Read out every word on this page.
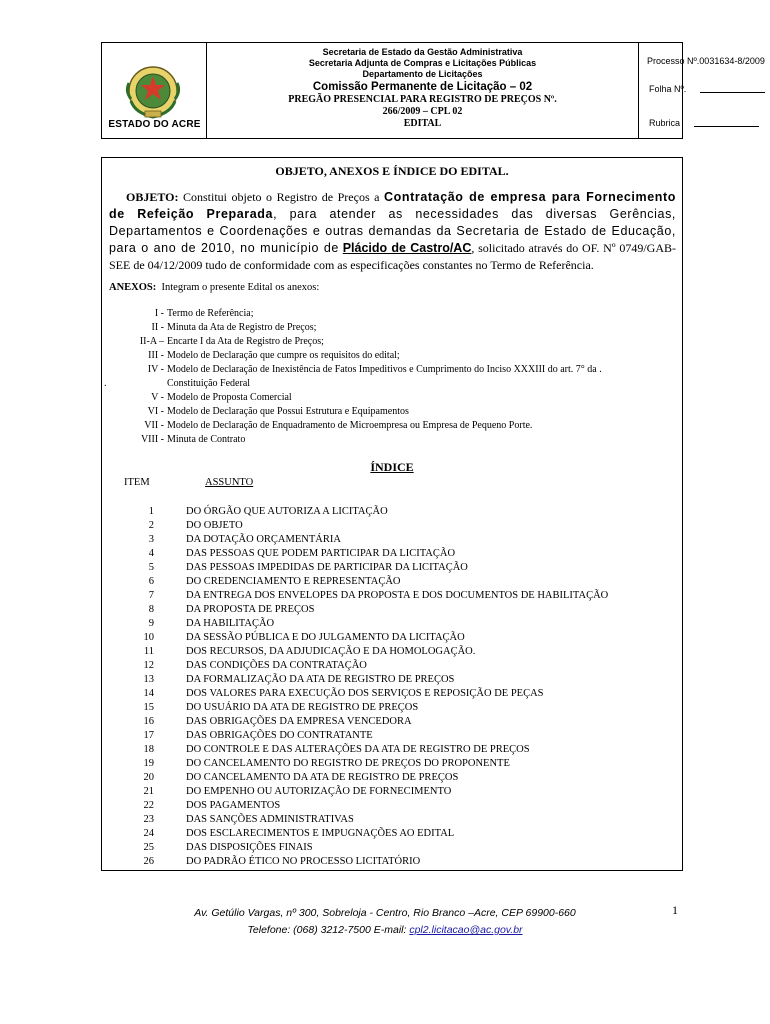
ESTADO DO ACRE
Secretaria de Estado da Gestão Administrativa
Secretaria Adjunta de Compras e Licitações Públicas
Departamento de Licitações
Comissão Permanente de Licitação – 02
PREGÃO PRESENCIAL PARA REGISTRO DE PREÇOS Nº.
266/2009 – CPL 02
EDITAL
Processo Nº.0031634-8/2009
Folha Nº.
Rubrica
OBJETO, ANEXOS E ÍNDICE DO EDITAL.
OBJETO: Constitui objeto o Registro de Preços a Contratação de empresa para Fornecimento de Refeição Preparada, para atender as necessidades das diversas Gerências, Departamentos e Coordenações e outras demandas da Secretaria de Estado de Educação, para o ano de 2010, no município de Plácido de Castro/AC, solicitado através do OF. Nº 0749/GAB-SEE de 04/12/2009 tudo de conformidade com as especificações constantes no Termo de Referência.
ANEXOS: Integram o presente Edital os anexos:
I - Termo de Referência;
II - Minuta da Ata de Registro de Preços;
II-A – Encarte I da Ata de Registro de Preços;
III - Modelo de Declaração que cumpre os requisitos do edital;
IV - Modelo de Declaração de Inexistência de Fatos Impeditivos e Cumprimento do Inciso XXXIII do art. 7° da .
.	Constituição Federal
V - Modelo de Proposta Comercial
VI - Modelo de Declaração que Possui Estrutura e Equipamentos
VII - Modelo de Declaração de Enquadramento de Microempresa ou Empresa de Pequeno Porte.
VIII - Minuta de Contrato
ÍNDICE
ITEM	ASSUNTO
1	DO ÓRGÃO QUE AUTORIZA A LICITAÇÃO
2	DO OBJETO
3	DA DOTAÇÃO ORÇAMENTÁRIA
4	DAS PESSOAS QUE PODEM PARTICIPAR DA LICITAÇÃO
5	DAS PESSOAS IMPEDIDAS DE PARTICIPAR DA LICITAÇÃO
6	DO CREDENCIAMENTO E REPRESENTAÇÃO
7	DA ENTREGA DOS ENVELOPES DA PROPOSTA E DOS DOCUMENTOS DE HABILITAÇÃO
8	DA PROPOSTA DE PREÇOS
9	DA HABILITAÇÃO
10	DA SESSÃO PÚBLICA E DO JULGAMENTO DA LICITAÇÃO
11	DOS RECURSOS, DA ADJUDICAÇÃO E DA HOMOLOGAÇÃO.
12	DAS CONDIÇÕES DA CONTRATAÇÃO
13	DA FORMALIZAÇÃO DA ATA DE REGISTRO DE PREÇOS
14	DOS VALORES PARA EXECUÇÃO DOS SERVIÇOS E REPOSIÇÃO DE PEÇAS
15	DO USUÁRIO DA ATA DE REGISTRO DE PREÇOS
16	DAS OBRIGAÇÕES DA EMPRESA VENCEDORA
17	DAS OBRIGAÇÕES DO CONTRATANTE
18	DO CONTROLE E DAS ALTERAÇÕES DA ATA DE REGISTRO DE PREÇOS
19	DO CANCELAMENTO DO REGISTRO DE PREÇOS DO PROPONENTE
20	DO CANCELAMENTO DA ATA DE REGISTRO DE PREÇOS
21	DO EMPENHO OU AUTORIZAÇÃO DE FORNECIMENTO
22	DOS PAGAMENTOS
23	DAS SANÇÕES ADMINISTRATIVAS
24	DOS ESCLARECIMENTOS E IMPUGNAÇÕES AO EDITAL
25	DAS DISPOSIÇÕES FINAIS
26	DO PADRÃO ÉTICO NO PROCESSO LICITATÓRIO
Av. Getúlio Vargas, nº 300, Sobreloja - Centro, Rio Branco –Acre, CEP 69900-660
Telefone: (068) 3212-7500 E-mail: cpl2.licitacao@ac.gov.br
1
